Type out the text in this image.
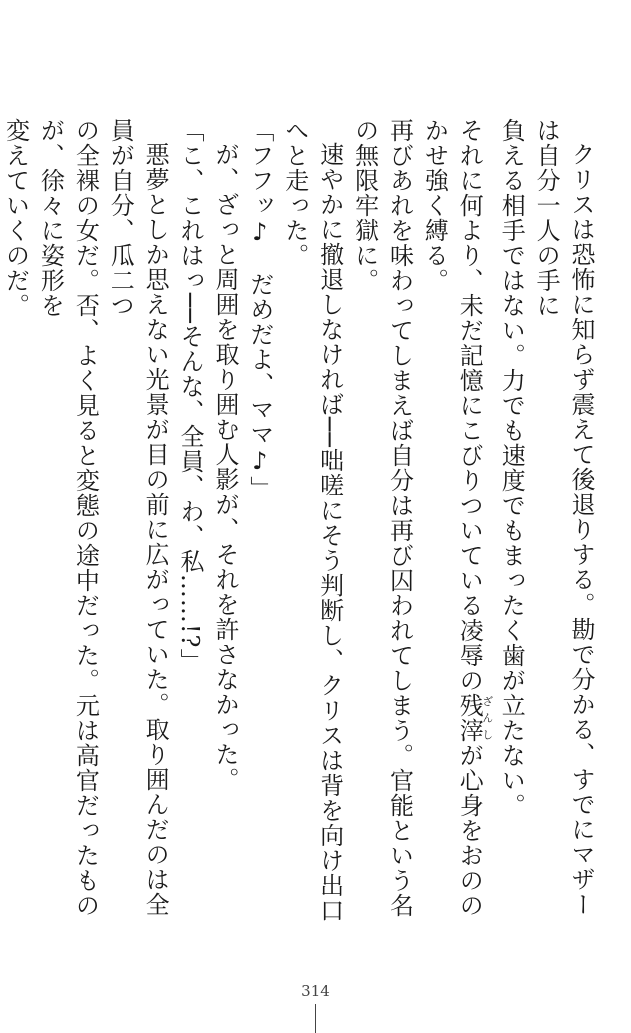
クリスは恐怖に知らず震えて後退りする。勘で分かる、すでにマザーは自分一人の手に
負える相手ではない。力でも速度でもまったく歯が立たない。
それに何より、未だ記憶にこびりついている凌辱の残滓ざんしが心身をおののかせ強く縛る。
再びあれを味わってしまえば自分は再び囚われてしまう。官能という名の無限牢獄に。
速やかに撤退しなければ──咄嗟にそう判断し、クリスは背を向け出口へと走った。
「フフッ♪　だめだよ、ママ♪」
が、ざっと周囲を取り囲む人影が、それを許さなかった。
「こ、これはっ──そんな、全員、わ、私……!?」
悪夢としか思えない光景が目の前に広がっていた。取り囲んだのは全員が自分、瓜二つ
の全裸の女だ。否、よく見ると変態の途中だった。元は高官だったものが、徐々に姿形を
変えていくのだ。
314
